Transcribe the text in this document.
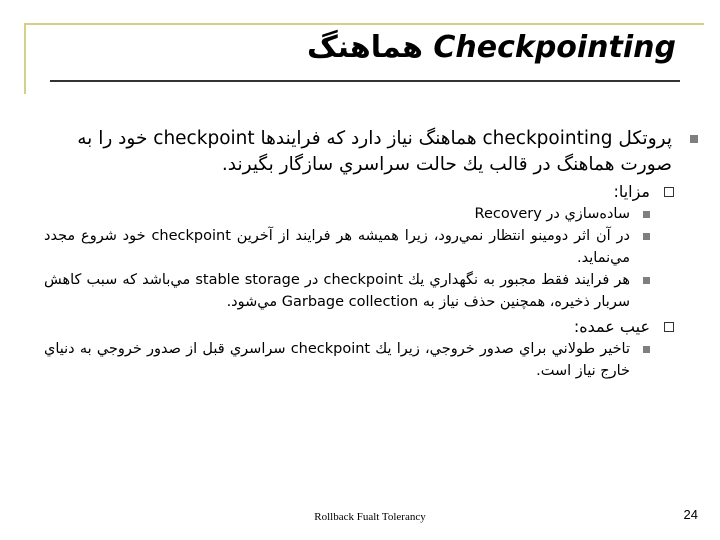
Checkpointing هماهنگ
پروتكل checkpointing هماهنگ نياز دارد كه فرايندها checkpoint خود را به صورت هماهنگ در قالب يك حالت سراسري سازگار بگيرند.
مزايا:
ساده‌سازي در Recovery
در آن اثر دومينو انتظار نمي‌رود، زيرا هميشه هر فرايند از آخرين checkpoint خود شروع مجدد مي‌نمايد.
هر فرايند فقط مجبور به نگهداري يك checkpoint در stable storage مي‌باشد كه سبب كاهش سربار ذخيره، همچنين حذف نياز به Garbage collection مي‌شود.
عيب عمده:
تاخير طولاني براي صدور خروجي، زيرا يك checkpoint سراسري قبل از صدور خروجي به دنياي خارج نياز است.
Rollback Fualt Tolerancy	24
